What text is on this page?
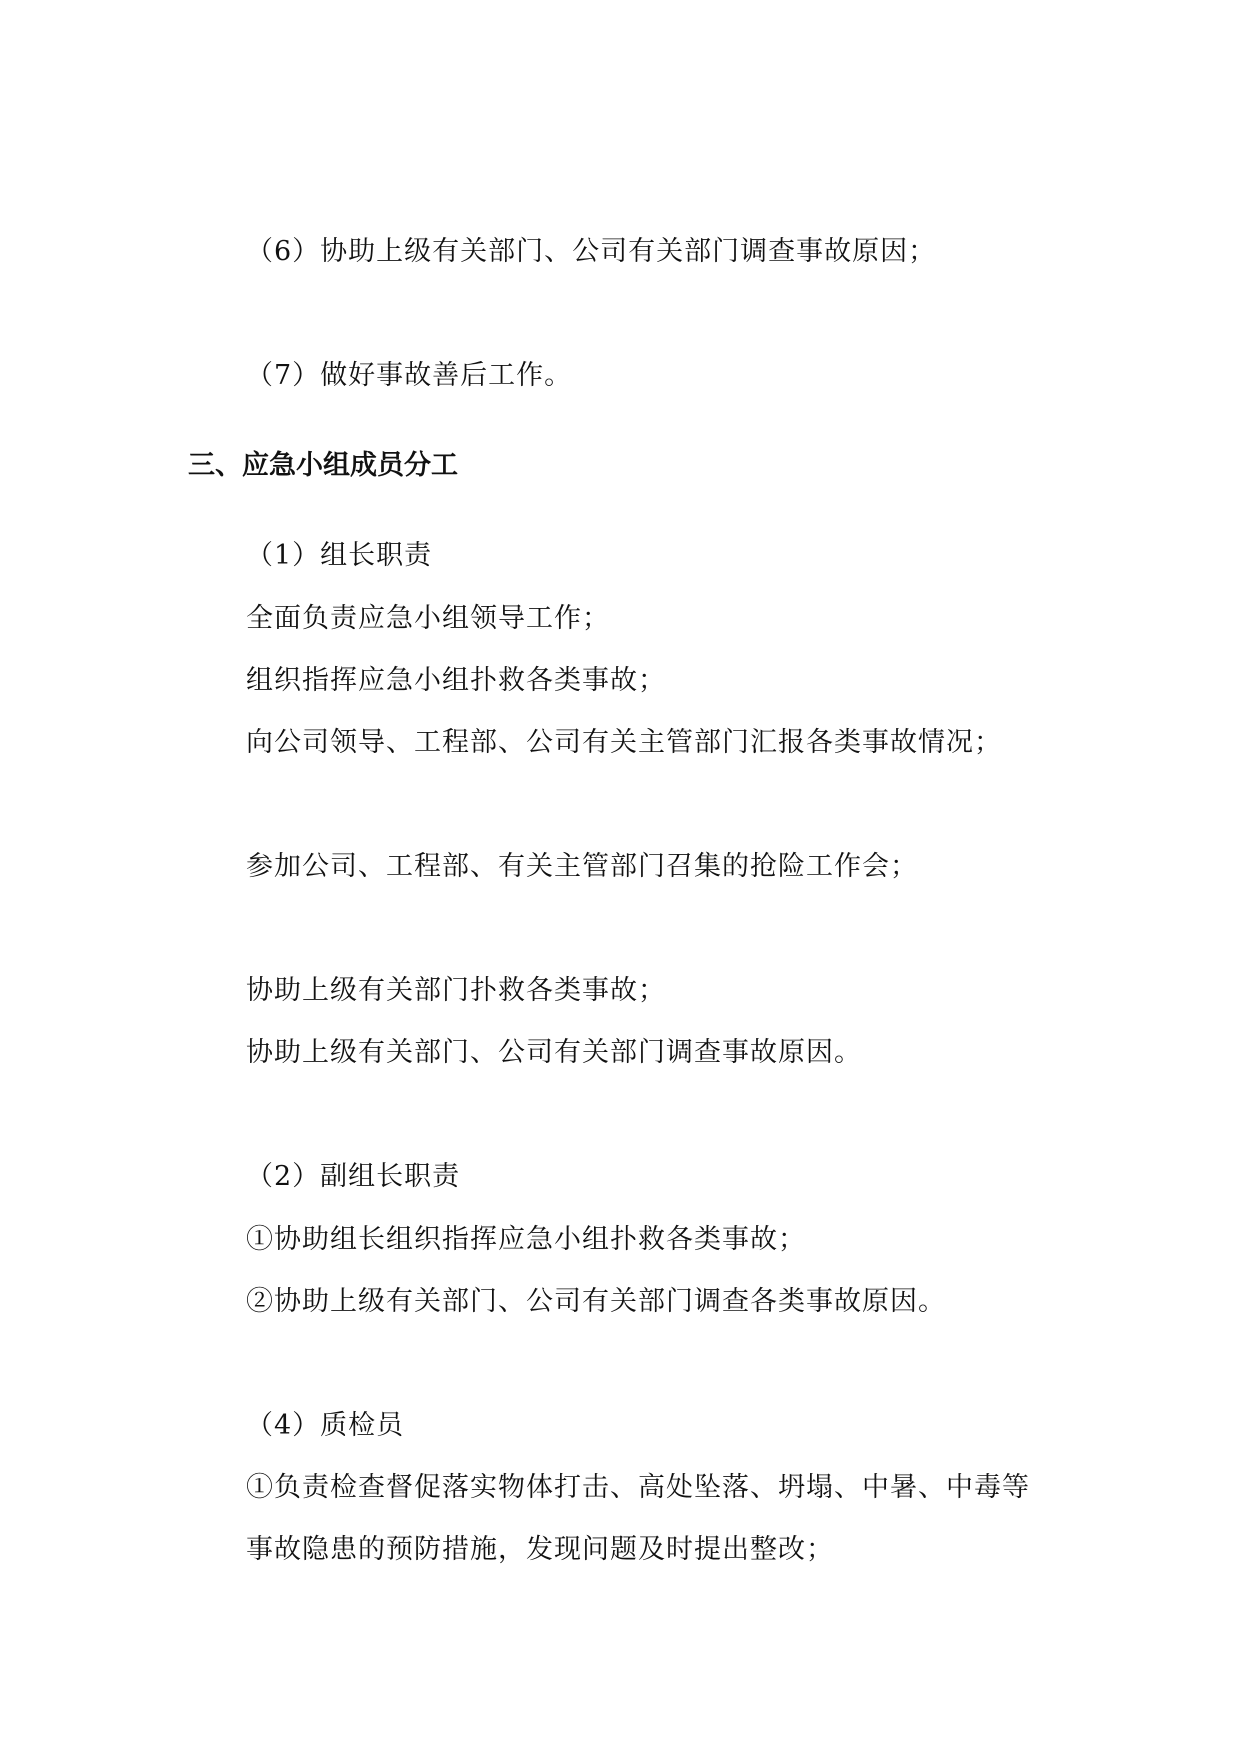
（6）协助上级有关部门、公司有关部门调查事故原因；

（7）做好事故善后工作。

三、应急小组成员分工

（1）组长职责

全面负责应急小组领导工作；

组织指挥应急小组扑救各类事故；

向公司领导、工程部、公司有关主管部门汇报各类事故情况；

参加公司、工程部、有关主管部门召集的抢险工作会；

协助上级有关部门扑救各类事故；

协助上级有关部门、公司有关部门调查事故原因。

（2）副组长职责

①协助组长组织指挥应急小组扑救各类事故；

②协助上级有关部门、公司有关部门调查各类事故原因。

（4）质检员

①负责检查督促落实物体打击、高处坠落、坍塌、中暑、中毒等

事故隐患的预防措施，发现问题及时提出整改；
